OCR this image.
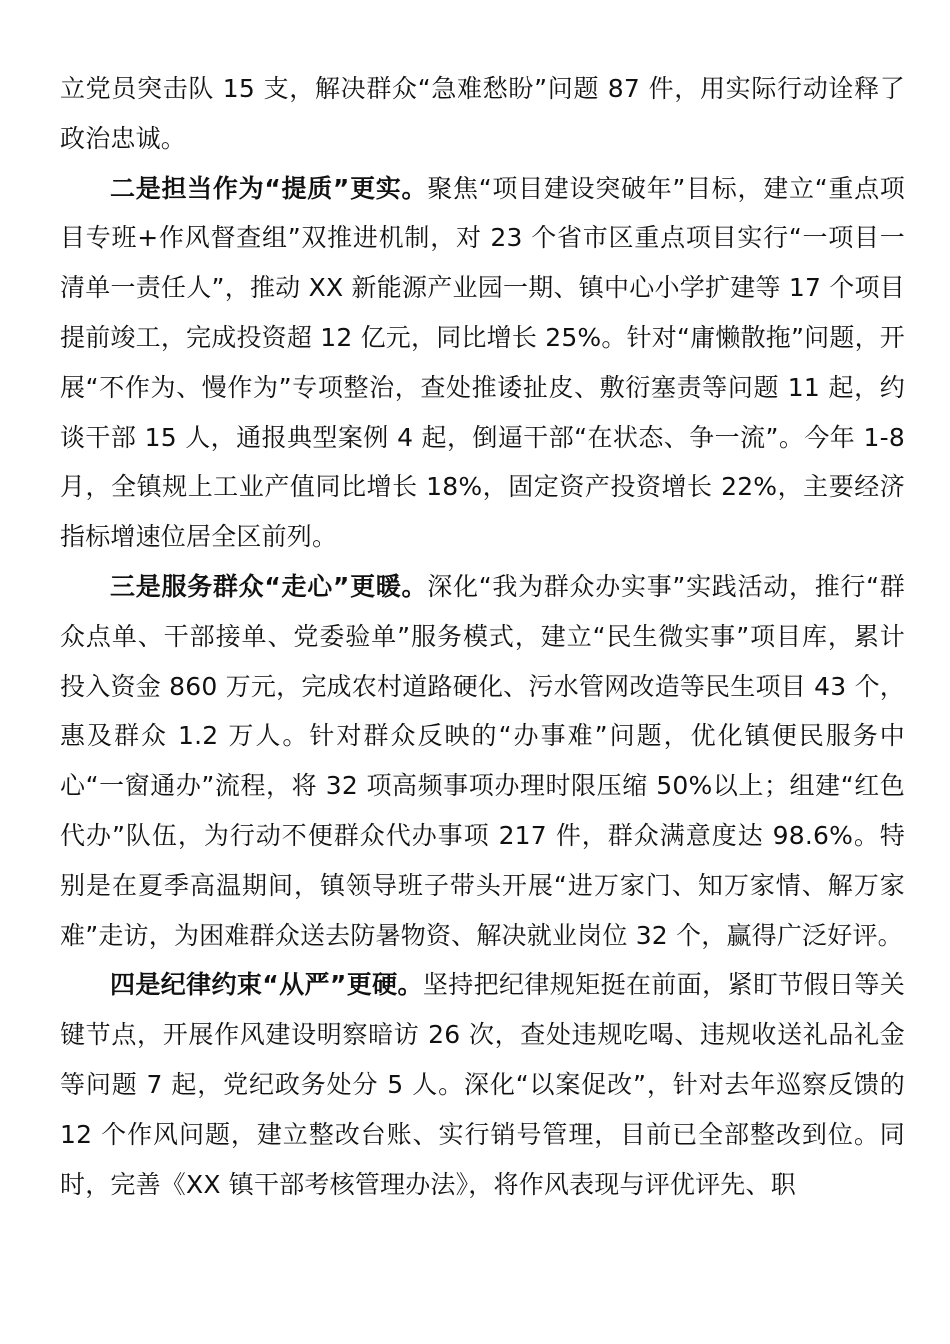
立党员突击队 15 支，解决群众“急难愁盼”问题 87 件，用实际行动诠释了政治忠诚。

二是担当作为“提质”更实。聚焦“项目建设突破年”目标，建立“重点项目专班+作风督查组”双推进机制，对 23 个省市区重点项目实行“一项目一清单一责任人”，推动 XX 新能源产业园一期、镇中心小学扩建等 17 个项目提前竣工，完成投资超 12 亿元，同比增长 25%。针对“庸懒散拖”问题，开展“不作为、慢作为”专项整治，查处推诿扯皮、敷衍塞责等问题 11 起，约谈干部 15 人，通报典型案例 4 起，倒逼干部“在状态、争一流”。今年 1-8 月，全镇规上工业产值同比增长 18%，固定资产投资增长 22%，主要经济指标增速位居全区前列。

三是服务群众“走心”更暖。深化“我为群众办实事”实践活动，推行“群众点单、干部接单、党委验单”服务模式，建立“民生微实事”项目库，累计投入资金 860 万元，完成农村道路硬化、污水管网改造等民生项目 43 个，惠及群众 1.2 万人。针对群众反映的“办事难”问题，优化镇便民服务中心“一窗通办”流程，将 32 项高频事项办理时限压缩 50%以上；组建“红色代办”队伍，为行动不便群众代办事项 217 件，群众满意度达 98.6%。特别是在夏季高温期间，镇领导班子带头开展“进万家门、知万家情、解万家难”走访，为困难群众送去防暑物资、解决就业岗位 32 个，赢得广泛好评。

四是纪律约束“从严”更硬。坚持把纪律规矩挺在前面，紧盯节假日等关键节点，开展作风建设明察暗访 26 次，查处违规吃喝、违规收送礼品礼金等问题 7 起，党纪政务处分 5 人。深化“以案促改”，针对去年巡察反馈的 12 个作风问题，建立整改台账、实行销号管理，目前已全部整改到位。同时，完善《XX 镇干部考核管理办法》，将作风表现与评优评先、职
